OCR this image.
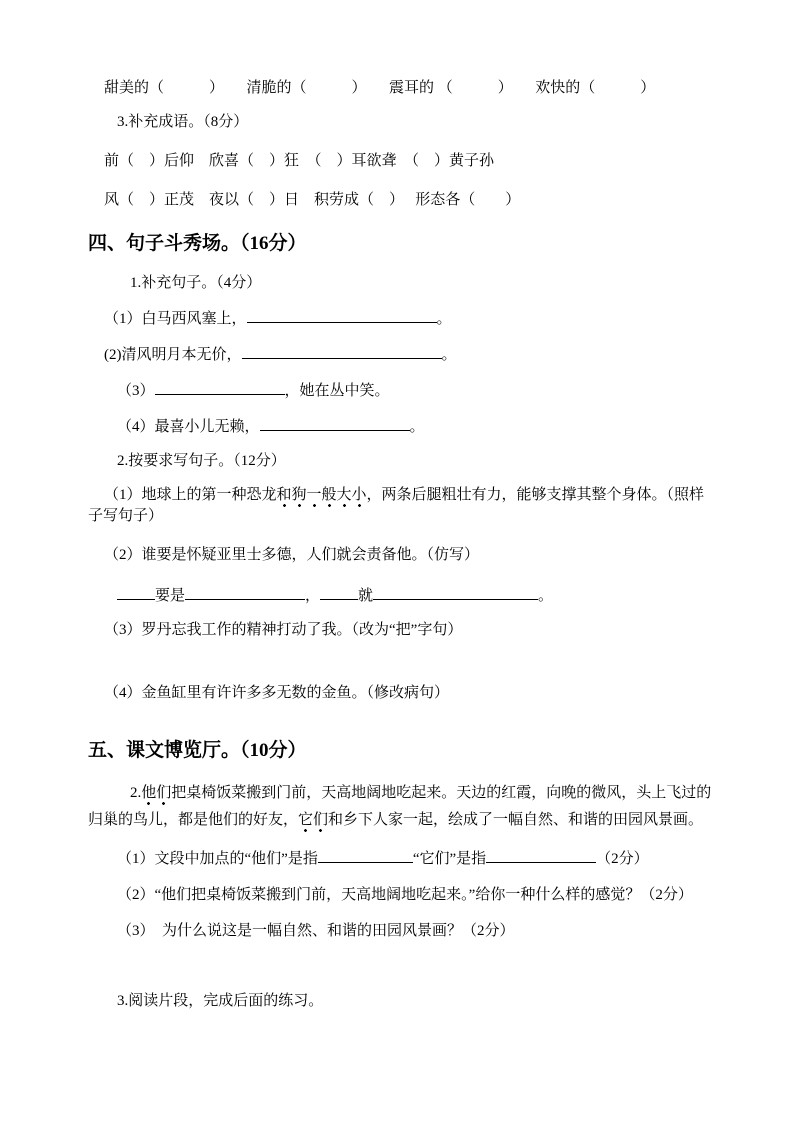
甜美的（　　　）　　清脆的（　　　）　　震耳的 （　　　）　　欢快的（　　　）

3.补充成语。（8分）

前（　）后仰　欣喜（　）狂　（　）耳欲聋　（　）黄子孙

风（　）正茂　夜以（　）日　积劳成（　）　 形态各（　　）

四、句子斗秀场。（16分）

1.补充句子。（4分）

（1）白马西风塞上，	。

(2)清风明月本无价，	。

（3）	，她在丛中笑。

（4）最喜小儿无赖，	。

2.按要求写句子。（12分）

（1）地球上的第一种恐龙和狗一般大小，两条后腿粗壮有力，能够支撑其整个身体。（照样子写句子）

（2）谁要是怀疑亚里士多德，人们就会责备他。（仿写）

要是	，	就	。

（3）罗丹忘我工作的精神打动了我。（改为“把”字句）

（4）金鱼缸里有许许多多无数的金鱼。（修改病句）

五、课文博览厅。（10分）

2.他们把桌椅饭菜搬到门前，天高地阔地吃起来。天边的红霞，向晚的微风，头上飞过的归巢的鸟儿，都是他们的好友，它们和乡下人家一起，绘成了一幅自然、和谐的田园风景画。

（1）文段中加点的“他们”是指	“它们”是指	（2分）

（2）“他们把桌椅饭菜搬到门前，天高地阔地吃起来。”给你一种什么样的感觉？（2分）

（3）　为什么说这是一幅自然、和谐的田园风景画？（2分）

3.阅读片段，完成后面的练习。
